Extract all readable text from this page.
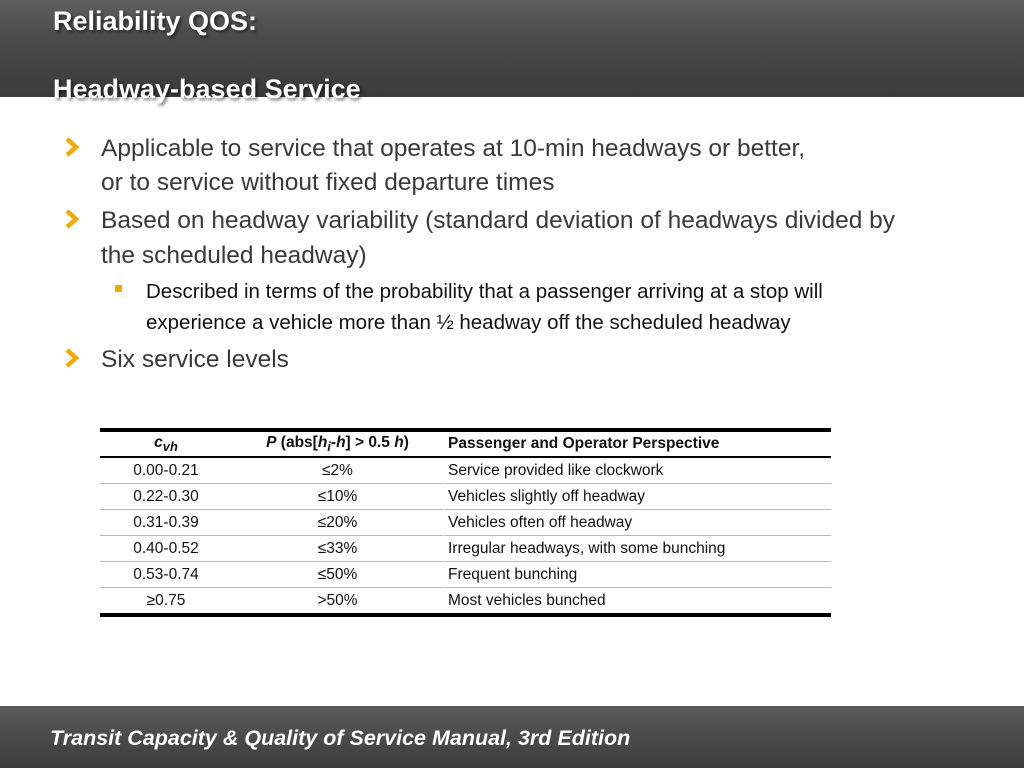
Reliability QOS:
Headway-based Service
Applicable to service that operates at 10-min headways or better,
or to service without fixed departure times
Based on headway variability (standard deviation of headways divided by
the scheduled headway)
Described in terms of the probability that a passenger arriving at a stop will
experience a vehicle more than ½ headway off the scheduled headway
Six service levels
$c_{vh}$	P ($abs[h_i-h] > 0.5$ h)	Passenger and Operator Perspective
0.00-0.21	≤2%	Service provided like clockwork
0.22-0.30	≤10%	Vehicles slightly off headway
0.31-0.39	≤20%	Vehicles often off headway
0.40-0.52	≤33%	Irregular headways, with some bunching
0.53-0.74	≤50%	Frequent bunching
≥0.75	>50%	Most vehicles bunched
Transit Capacity & Quality of Service Manual, 3rd Edition
